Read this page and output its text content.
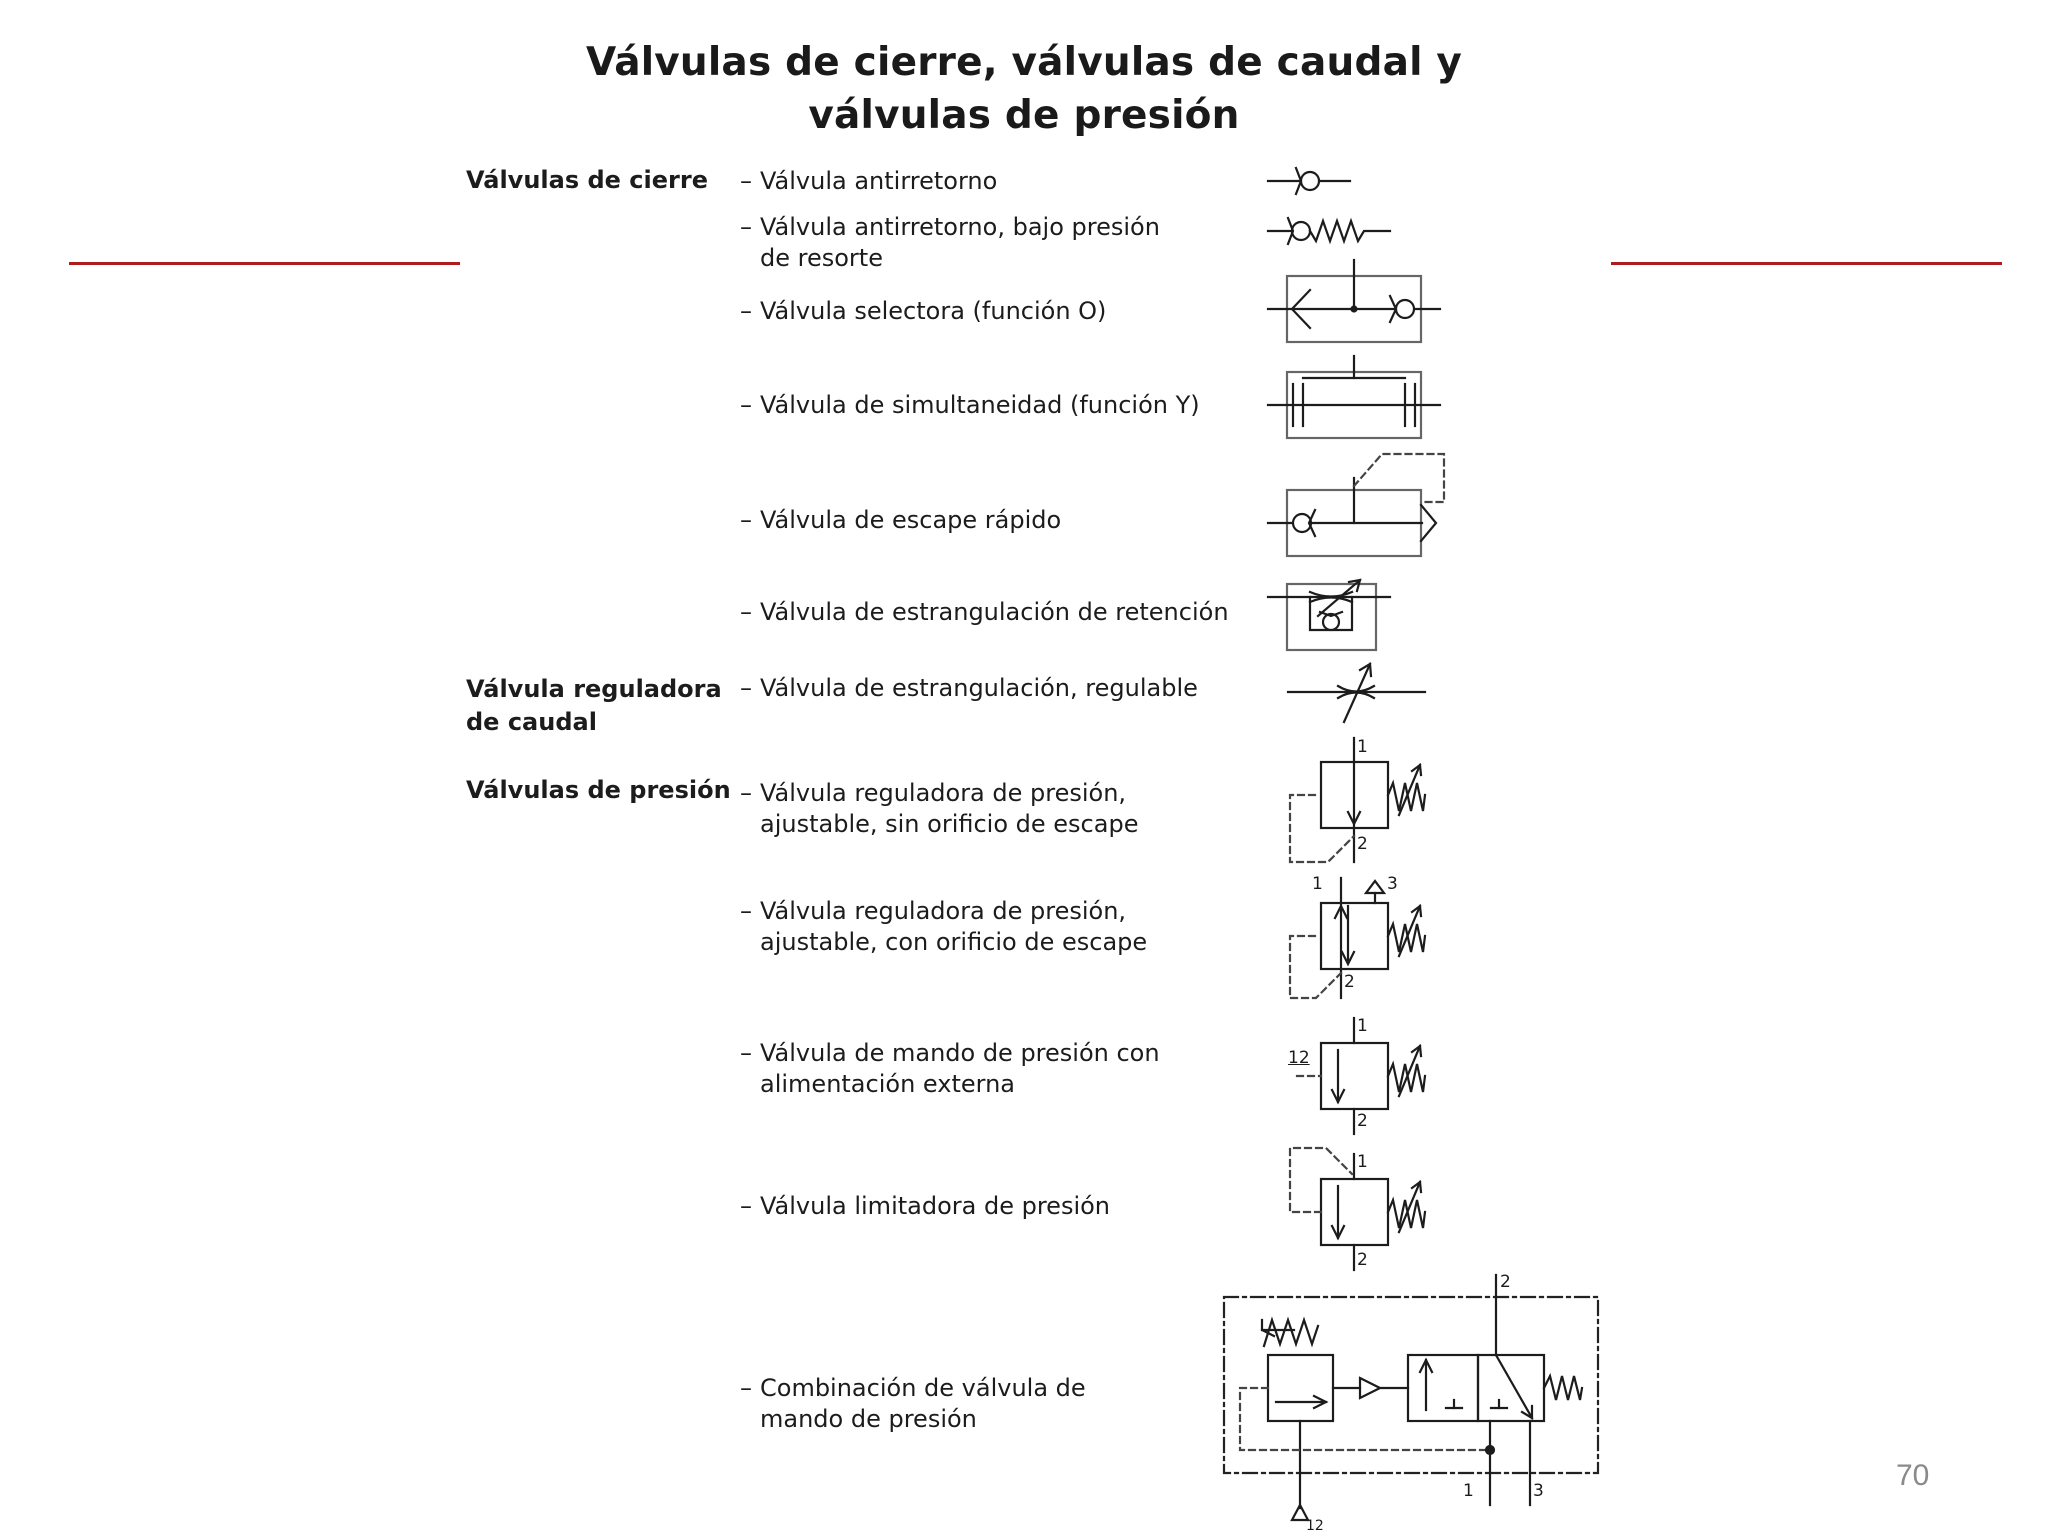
Válvulas de cierre, válvulas de caudal y
válvulas de presión
Válvulas de cierre
Válvula reguladora
de caudal
Válvulas de presión
– Válvula antirretorno
– Válvula antirretorno, bajo presión
de resorte
– Válvula selectora (función O)
– Válvula de simultaneidad (función Y)
– Válvula de escape rápido
– Válvula de estrangulación de retención
– Válvula de estrangulación, regulable
– Válvula reguladora de presión,
ajustable, sin orificio de escape
– Válvula reguladora de presión,
ajustable, con orificio de escape
– Válvula de mando de presión con
alimentación externa
– Válvula limitadora de presión
– Combinación de válvula de
mando de presión
1
2
1	3
2
1
12
2
1
2
2
1	3
12
70
